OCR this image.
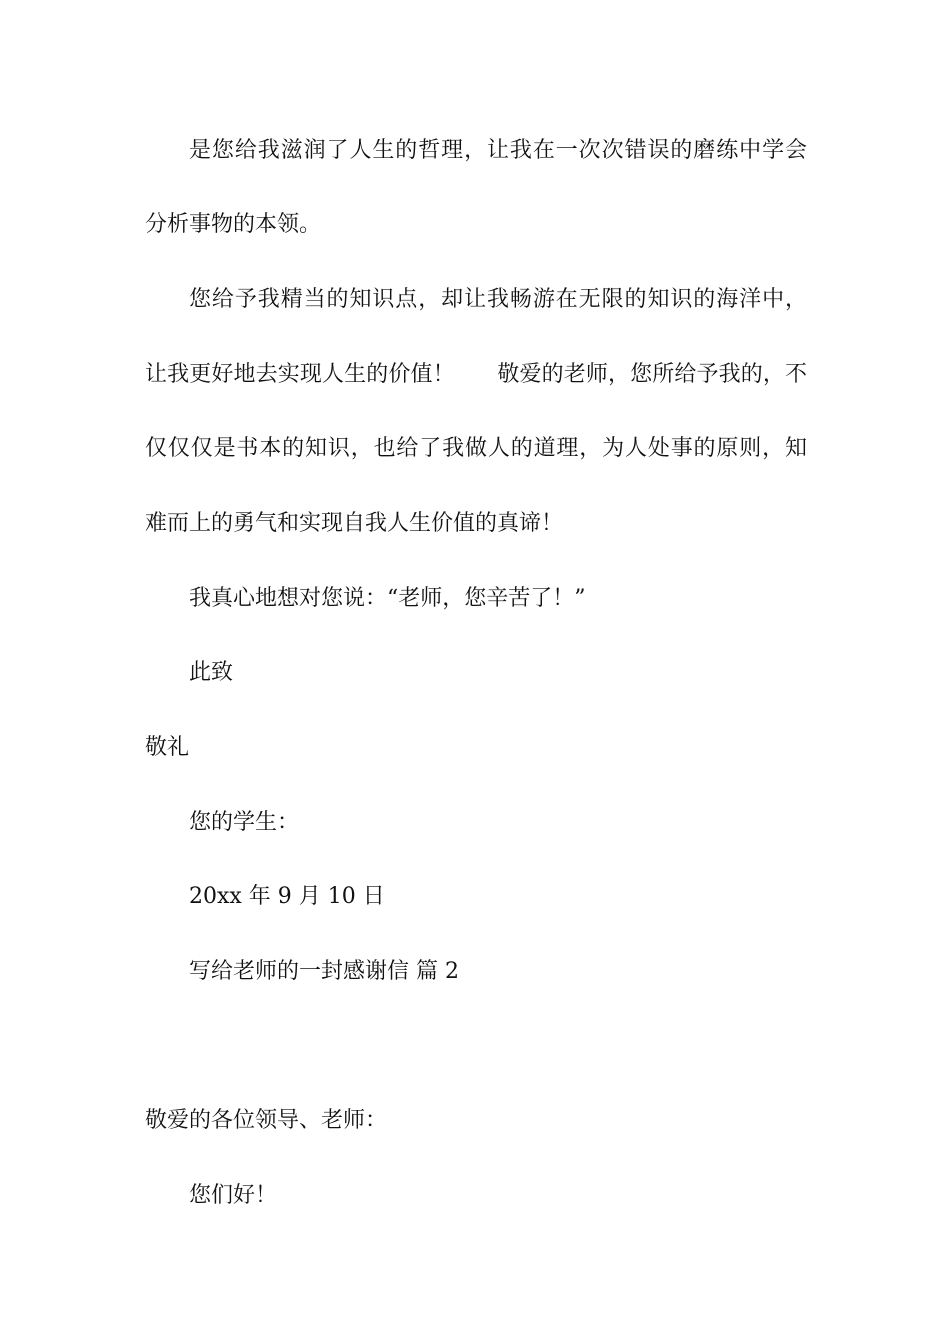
是您给我滋润了人生的哲理，让我在一次次错误的磨练中学会
分析事物的本领。
您给予我精当的知识点，却让我畅游在无限的知识的海洋中，
让我更好地去实现人生的价值！      敬爱的老师，您所给予我的，不
仅仅仅是书本的知识，也给了我做人的道理，为人处事的原则，知
难而上的勇气和实现自我人生价值的真谛！
我真心地想对您说：“老师，您辛苦了！”
此致
敬礼
您的学生：
20xx 年 9 月 10 日
写给老师的一封感谢信 篇 2
敬爱的各位领导、老师：
您们好！
